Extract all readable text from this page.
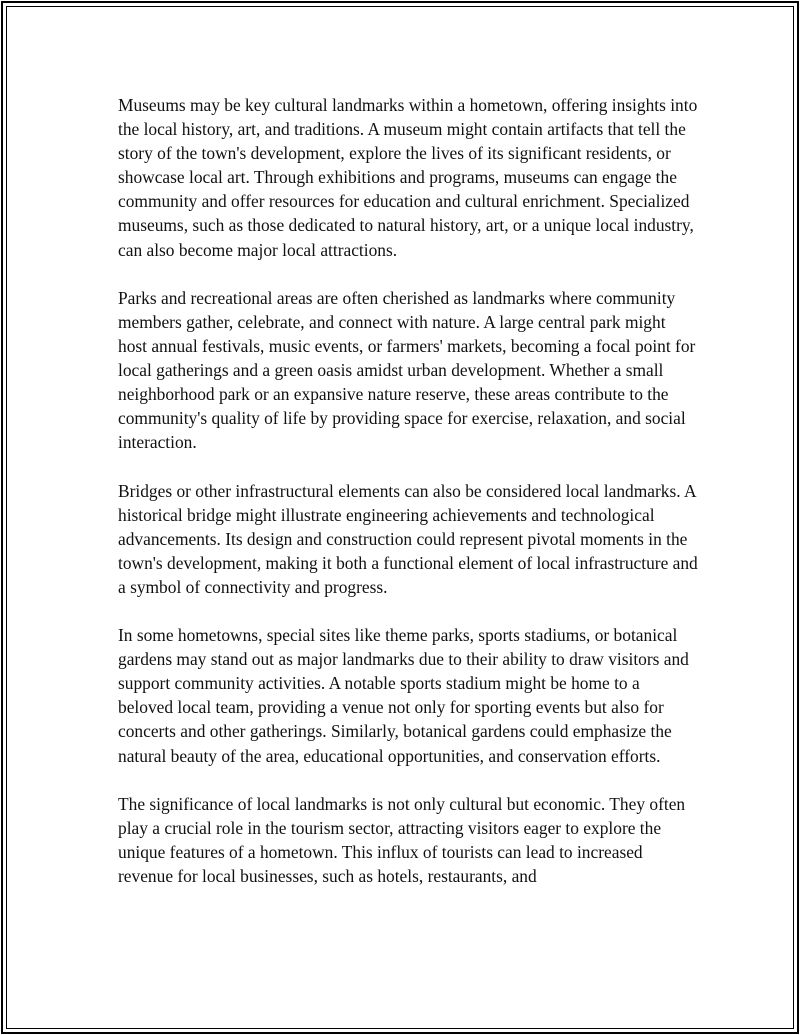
Museums may be key cultural landmarks within a hometown, offering insights into the local history, art, and traditions. A museum might contain artifacts that tell the story of the town's development, explore the lives of its significant residents, or showcase local art. Through exhibitions and programs, museums can engage the community and offer resources for education and cultural enrichment. Specialized museums, such as those dedicated to natural history, art, or a unique local industry, can also become major local attractions.

Parks and recreational areas are often cherished as landmarks where community members gather, celebrate, and connect with nature. A large central park might host annual festivals, music events, or farmers' markets, becoming a focal point for local gatherings and a green oasis amidst urban development. Whether a small neighborhood park or an expansive nature reserve, these areas contribute to the community's quality of life by providing space for exercise, relaxation, and social interaction.

Bridges or other infrastructural elements can also be considered local landmarks. A historical bridge might illustrate engineering achievements and technological advancements. Its design and construction could represent pivotal moments in the town's development, making it both a functional element of local infrastructure and a symbol of connectivity and progress.

In some hometowns, special sites like theme parks, sports stadiums, or botanical gardens may stand out as major landmarks due to their ability to draw visitors and support community activities. A notable sports stadium might be home to a beloved local team, providing a venue not only for sporting events but also for concerts and other gatherings. Similarly, botanical gardens could emphasize the natural beauty of the area, educational opportunities, and conservation efforts.

The significance of local landmarks is not only cultural but economic. They often play a crucial role in the tourism sector, attracting visitors eager to explore the unique features of a hometown. This influx of tourists can lead to increased revenue for local businesses, such as hotels, restaurants, and
